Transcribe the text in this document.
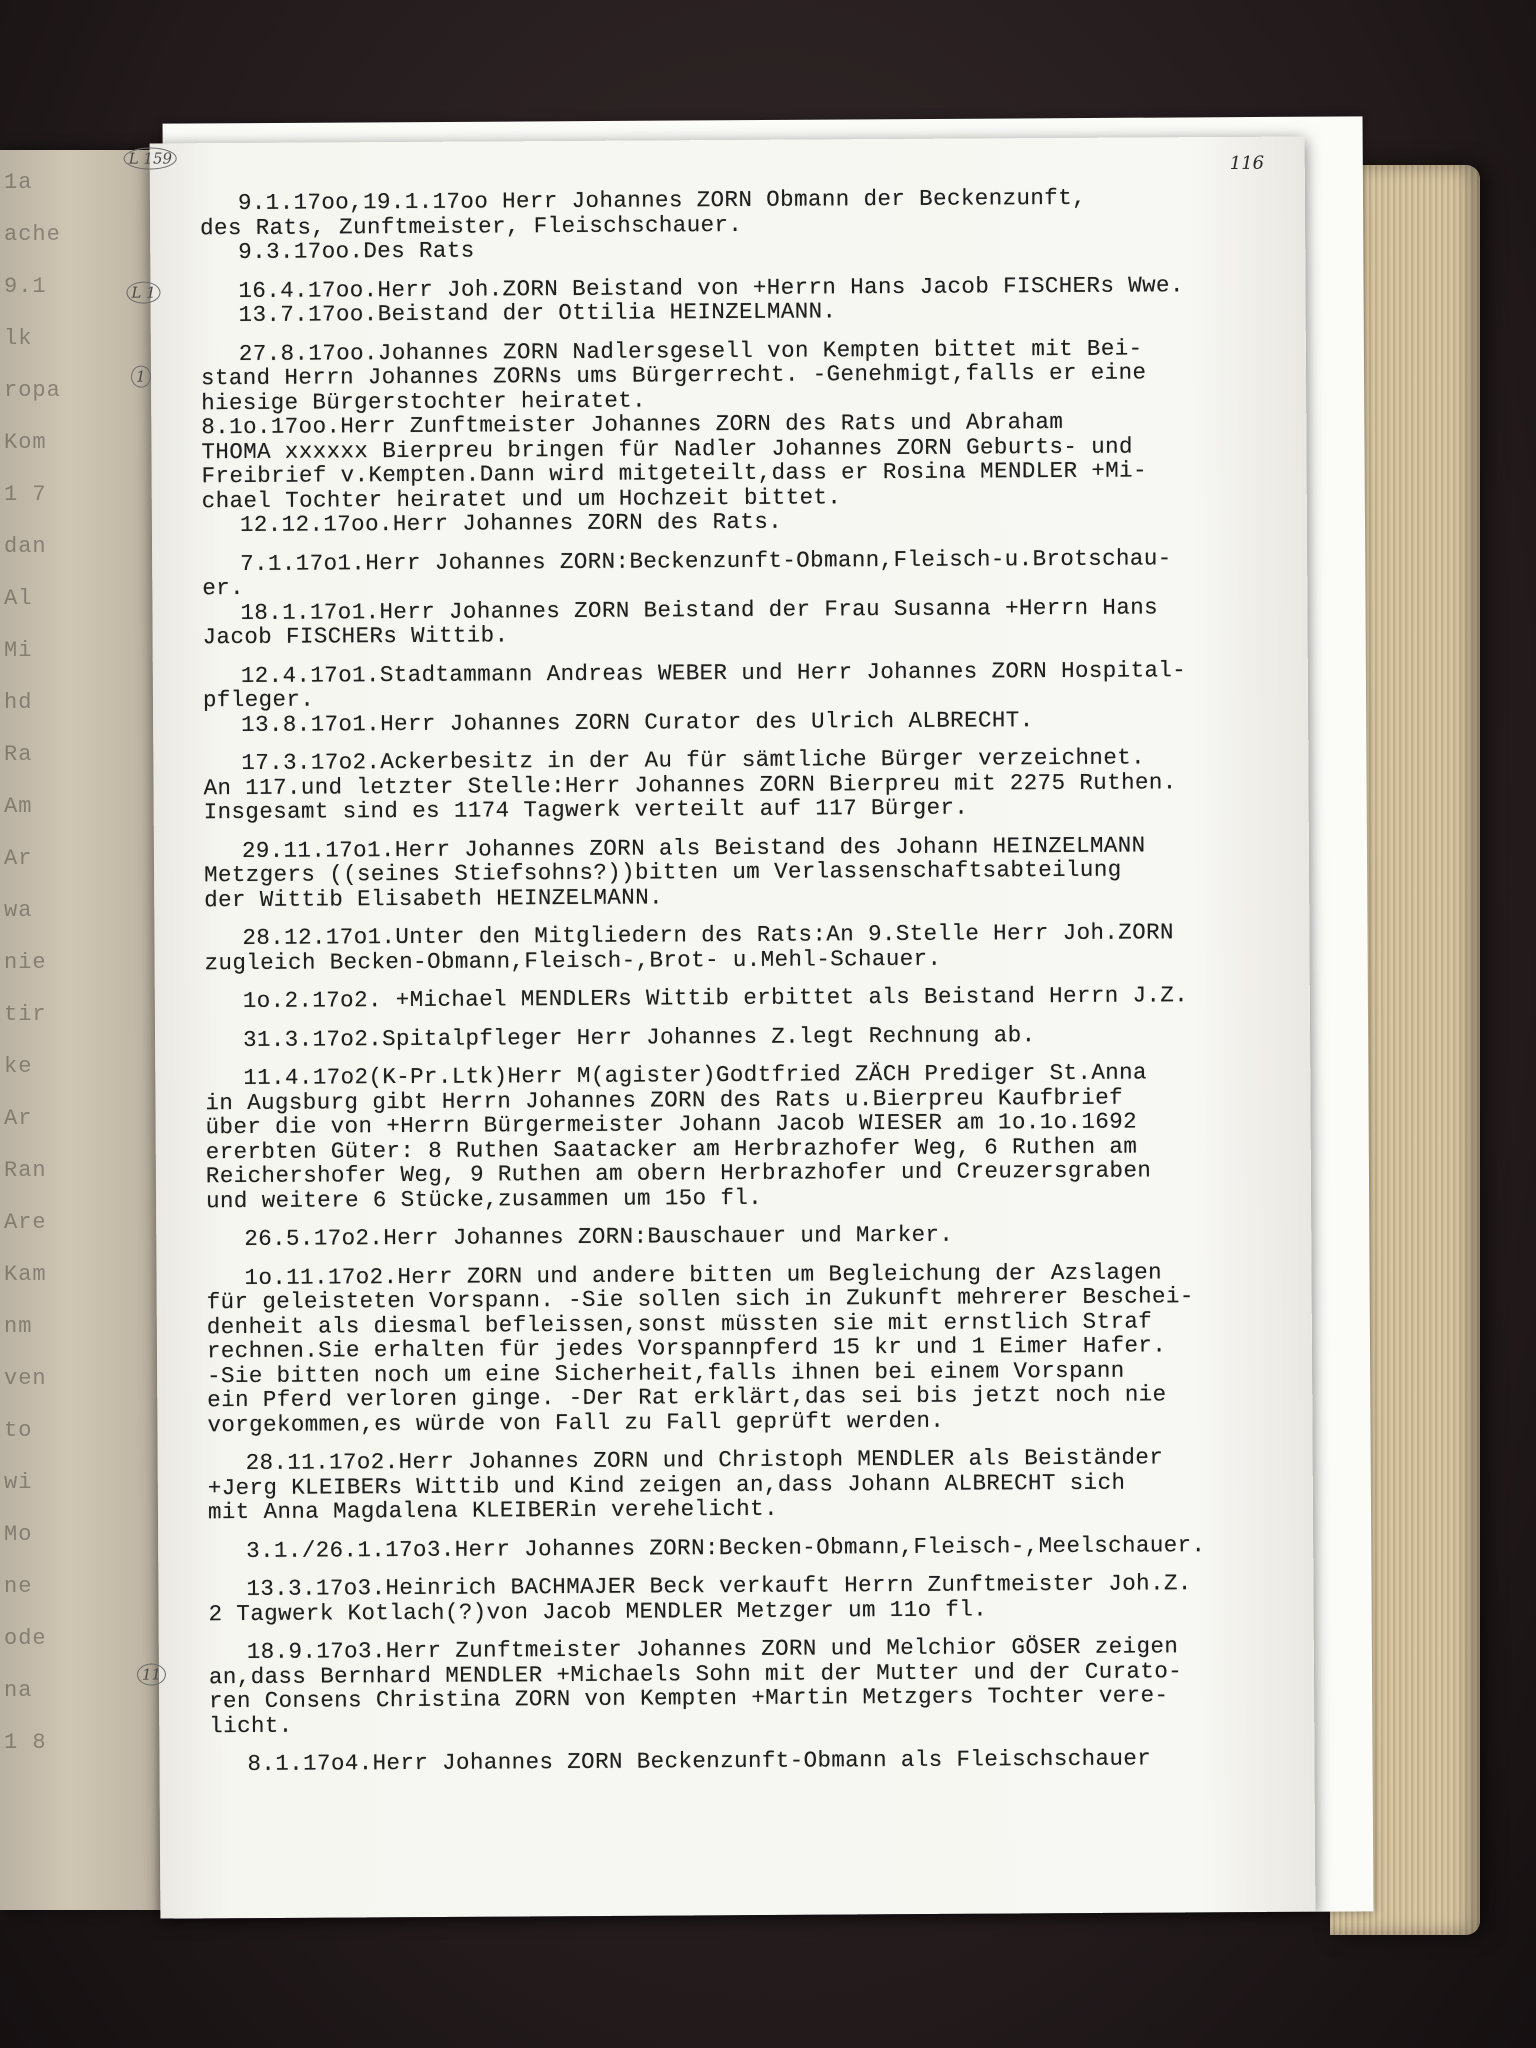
1a
ache
9.1
lk
ropa
Kom
1 7
dan
Al
Mi
hd
Ra
Am
Ar
wa
nie
tir
ke
Ar
Ran
Are
Kam
nm
ven
to
wi
Mo
ne
ode
na
1 8
116
L 159
L 1
1
11
9.1.17oo,19.1.17oo Herr Johannes ZORN Obmann der Beckenzunft,
des Rats, Zunftmeister, Fleischschauer.
9.3.17oo.Des Rats
16.4.17oo.Herr Joh.ZORN Beistand von +Herrn Hans Jacob FISCHERs Wwe.
13.7.17oo.Beistand der Ottilia HEINZELMANN.
27.8.17oo.Johannes ZORN Nadlersgesell von Kempten bittet mit Bei-
stand Herrn Johannes ZORNs ums Bürgerrecht. -Genehmigt,falls er eine
hiesige Bürgerstochter heiratet.
8.1o.17oo.Herr Zunftmeister Johannes ZORN des Rats und Abraham
THOMA xxxxxx Bierpreu bringen für Nadler Johannes ZORN Geburts- und
Freibrief v.Kempten.Dann wird mitgeteilt,dass er Rosina MENDLER +Mi-
chael Tochter heiratet und um Hochzeit bittet.
12.12.17oo.Herr Johannes ZORN des Rats.
7.1.17o1.Herr Johannes ZORN:Beckenzunft-Obmann,Fleisch-u.Brotschau-
er.
18.1.17o1.Herr Johannes ZORN Beistand der Frau Susanna +Herrn Hans
Jacob FISCHERs Wittib.
12.4.17o1.Stadtammann Andreas WEBER und Herr Johannes ZORN Hospital-
pfleger.
13.8.17o1.Herr Johannes ZORN Curator des Ulrich ALBRECHT.
17.3.17o2.Ackerbesitz in der Au für sämtliche Bürger verzeichnet.
An 117.und letzter Stelle:Herr Johannes ZORN Bierpreu mit 2275 Ruthen.
Insgesamt sind es 1174 Tagwerk verteilt auf 117 Bürger.
29.11.17o1.Herr Johannes ZORN als Beistand des Johann HEINZELMANN
Metzgers ((seines Stiefsohns?))bitten um Verlassenschaftsabteilung
der Wittib Elisabeth HEINZELMANN.
28.12.17o1.Unter den Mitgliedern des Rats:An 9.Stelle Herr Joh.ZORN
zugleich Becken-Obmann,Fleisch-,Brot- u.Mehl-Schauer.
1o.2.17o2. +Michael MENDLERs Wittib erbittet als Beistand Herrn J.Z.
31.3.17o2.Spitalpfleger Herr Johannes Z.legt Rechnung ab.
11.4.17o2(K-Pr.Ltk)Herr M(agister)Godtfried ZÄCH Prediger St.Anna
in Augsburg gibt Herrn Johannes ZORN des Rats u.Bierpreu Kaufbrief
über die von +Herrn Bürgermeister Johann Jacob WIESER am 1o.1o.1692
ererbten Güter: 8 Ruthen Saatacker am Herbrazhofer Weg, 6 Ruthen am
Reichershofer Weg, 9 Ruthen am obern Herbrazhofer und Creuzersgraben
und weitere 6 Stücke,zusammen um 15o fl.
26.5.17o2.Herr Johannes ZORN:Bauschauer und Marker.
1o.11.17o2.Herr ZORN und andere bitten um Begleichung der Azslagen
für geleisteten Vorspann. -Sie sollen sich in Zukunft mehrerer Beschei-
denheit als diesmal befleissen,sonst müssten sie mit ernstlich Straf
rechnen.Sie erhalten für jedes Vorspannpferd 15 kr und 1 Eimer Hafer.
-Sie bitten noch um eine Sicherheit,falls ihnen bei einem Vorspann
ein Pferd verloren ginge. -Der Rat erklärt,das sei bis jetzt noch nie
vorgekommen,es würde von Fall zu Fall geprüft werden.
28.11.17o2.Herr Johannes ZORN und Christoph MENDLER als Beiständer
+Jerg KLEIBERs Wittib und Kind zeigen an,dass Johann ALBRECHT sich
mit Anna Magdalena KLEIBERin verehelicht.
3.1./26.1.17o3.Herr Johannes ZORN:Becken-Obmann,Fleisch-,Meelschauer.
13.3.17o3.Heinrich BACHMAJER Beck verkauft Herrn Zunftmeister Joh.Z.
2 Tagwerk Kotlach(?)von Jacob MENDLER Metzger um 11o fl.
18.9.17o3.Herr Zunftmeister Johannes ZORN und Melchior GÖSER zeigen
an,dass Bernhard MENDLER +Michaels Sohn mit der Mutter und der Curato-
ren Consens Christina ZORN von Kempten +Martin Metzgers Tochter vere-
licht.
8.1.17o4.Herr Johannes ZORN Beckenzunft-Obmann als Fleischschauer
